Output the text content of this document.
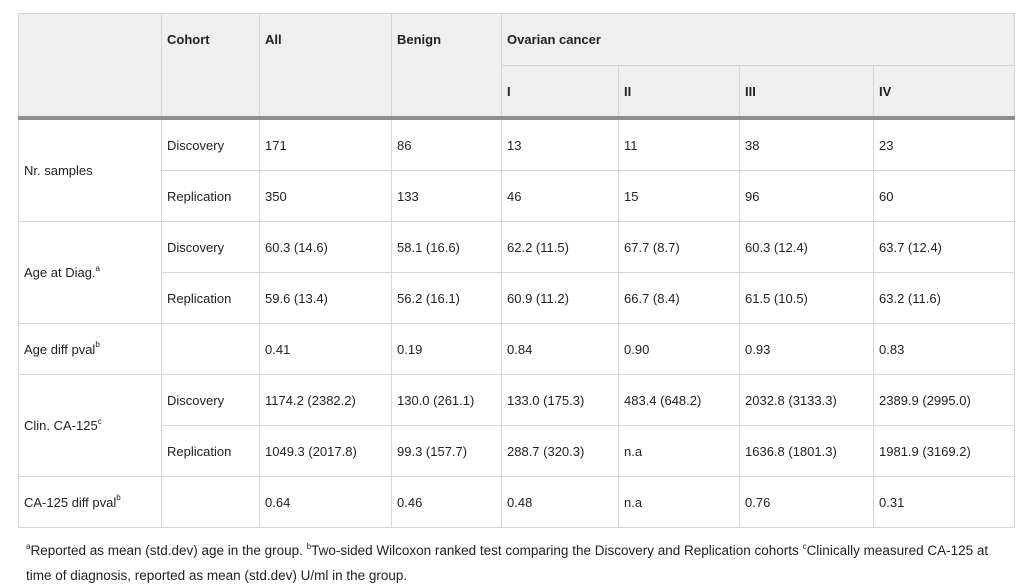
	Cohort	All	Benign	Ovarian cancer			
				I	II	III	IV
Nr. samples	Discovery	171	86	13	11	38	23
	Replication	350	133	46	15	96	60
Age at Diag.$^a$	Discovery	60.3 (14.6)	58.1 (16.6)	62.2 (11.5)	67.7 (8.7)	60.3 (12.4)	63.7 (12.4)
	Replication	59.6 (13.4)	56.2 (16.1)	60.9 (11.2)	66.7 (8.4)	61.5 (10.5)	63.2 (11.6)
Age diff pval$^b$		0.41	0.19	0.84	0.90	0.93	0.83
Clin. CA-125$^c$	Discovery	1174.2 (2382.2)	130.0 (261.1)	133.0 (175.3)	483.4 (648.2)	2032.8 (3133.3)	2389.9 (2995.0)
	Replication	1049.3 (2017.8)	99.3 (157.7)	288.7 (320.3)	n.a	1636.8 (1801.3)	1981.9 (3169.2)
CA-125 diff pval$^b$		0.64	0.46	0.48	n.a	0.76	0.31
$^a$Reported as mean (std.dev) age in the group. $^b$Two-sided Wilcoxon ranked test comparing the Discovery and Replication cohorts $^c$Clinically measured CA-125 at time of diagnosis, reported as mean (std.dev) U/ml in the group.
